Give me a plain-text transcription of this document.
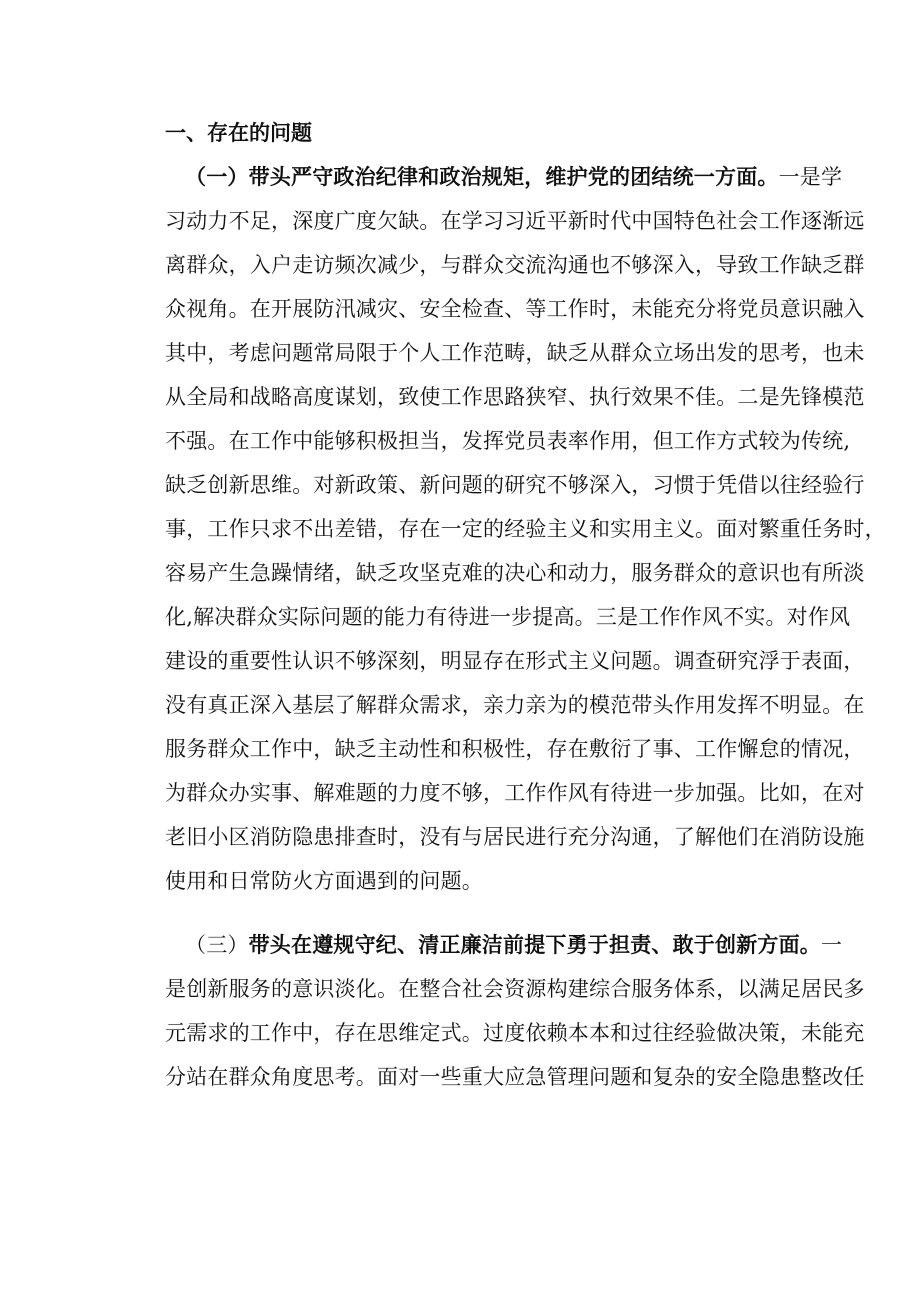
一、存在的问题
（一）带头严守政治纪律和政治规矩，维护党的团结统一方面。一是学
习动力不足，深度广度欠缺。在学习习近平新时代中国特色社会工作逐渐远
离群众，入户走访频次减少，与群众交流沟通也不够深入，导致工作缺乏群
众视角。在开展防汛减灾、安全检查、等工作时，未能充分将党员意识融入
其中，考虑问题常局限于个人工作范畴，缺乏从群众立场出发的思考，也未
从全局和战略高度谋划，致使工作思路狭窄、执行效果不佳。二是先锋模范
不强。在工作中能够积极担当，发挥党员表率作用，但工作方式较为传统,
缺乏创新思维。对新政策、新问题的研究不够深入，习惯于凭借以往经验行
事，工作只求不出差错，存在一定的经验主义和实用主义。面对繁重任务时，
容易产生急躁情绪，缺乏攻坚克难的决心和动力，服务群众的意识也有所淡
化,解决群众实际问题的能力有待进一步提高。三是工作作风不实。对作风
建设的重要性认识不够深刻，明显存在形式主义问题。调查研究浮于表面，
没有真正深入基层了解群众需求，亲力亲为的模范带头作用发挥不明显。在
服务群众工作中，缺乏主动性和积极性，存在敷衍了事、工作懈怠的情况，
为群众办实事、解难题的力度不够，工作作风有待进一步加强。比如，在对
老旧小区消防隐患排查时，没有与居民进行充分沟通，了解他们在消防设施
使用和日常防火方面遇到的问题。
（三）带头在遵规守纪、清正廉洁前提下勇于担责、敢于创新方面。一
是创新服务的意识淡化。在整合社会资源构建综合服务体系，以满足居民多
元需求的工作中，存在思维定式。过度依赖本本和过往经验做决策，未能充
分站在群众角度思考。面对一些重大应急管理问题和复杂的安全隐患整改任
